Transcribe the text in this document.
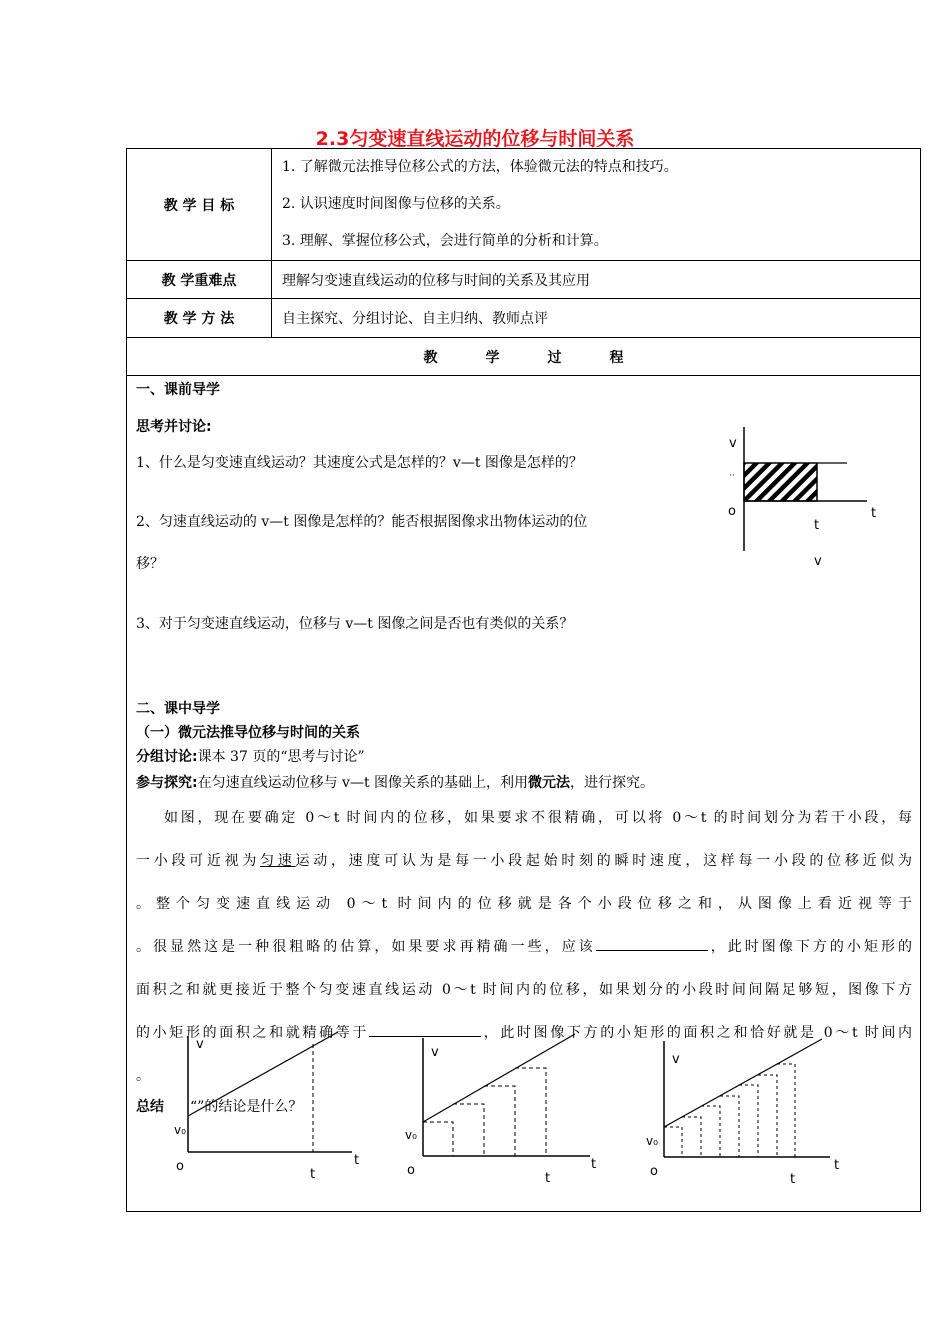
2.3匀变速直线运动的位移与时间关系
教 学 目 标	1. 了解微元法推导位移公式的方法，体验微元法的特点和技巧。
2. 认识速度时间图像与位移的关系。
3. 理解、掌握位移公式，会进行简单的分析和计算。

教 学重难点	理解匀变速直线运动的位移与时间的关系及其应用
教 学 方 法	自主探究、分组讨论、自主归纳、教师点评
教 学 过 程	
一、课前导学
思考并讨论:
1、什么是匀变速直线运动？其速度公式是怎样的？v—t 图像是怎样的？
2、匀速直线运动的 v—t 图像是怎样的？能否根据图像求出物体运动的位
移？
3、对于匀变速直线运动，位移与 v—t 图像之间是否也有类似的关系？
v
··
t
o
t
v
二、课中导学
（一）微元法推导位移与时间的关系
分组讨论:课本 37 页的“思考与讨论”
参与探究:在匀速直线运动位移与 v—t 图像关系的基础上，利用微元法，进行探究。
如图，现在要确定 0～t 时间内的位移，如果要求不很精确，可以将 0～t 的时间划分为若干小段，每
一小段可近视为匀速运动，速度可认为是每一小段起始时刻的瞬时速度，这样每一小段的位移近似为
。整个匀变速直线运动 0～t 时间内的位移就是各个小段位移之和，从图像上看近视等于
。很显然这是一种很粗略的估算，如果要求再精确一些，应该	，此时图像下方的小矩形的
面积之和就更接近于整个匀变速直线运动 0～t 时间内的位移，如果划分的小段时间间隔足够短，图像下方
的小矩形的面积之和就精确等于	，此时图像下方的小矩形的面积之和恰好就是 0～t 时间内
。
v
v₀
o	t
t
v
v₀
o	t
t
v
v₀
o	t
t
总结 “”的结论是什么？
